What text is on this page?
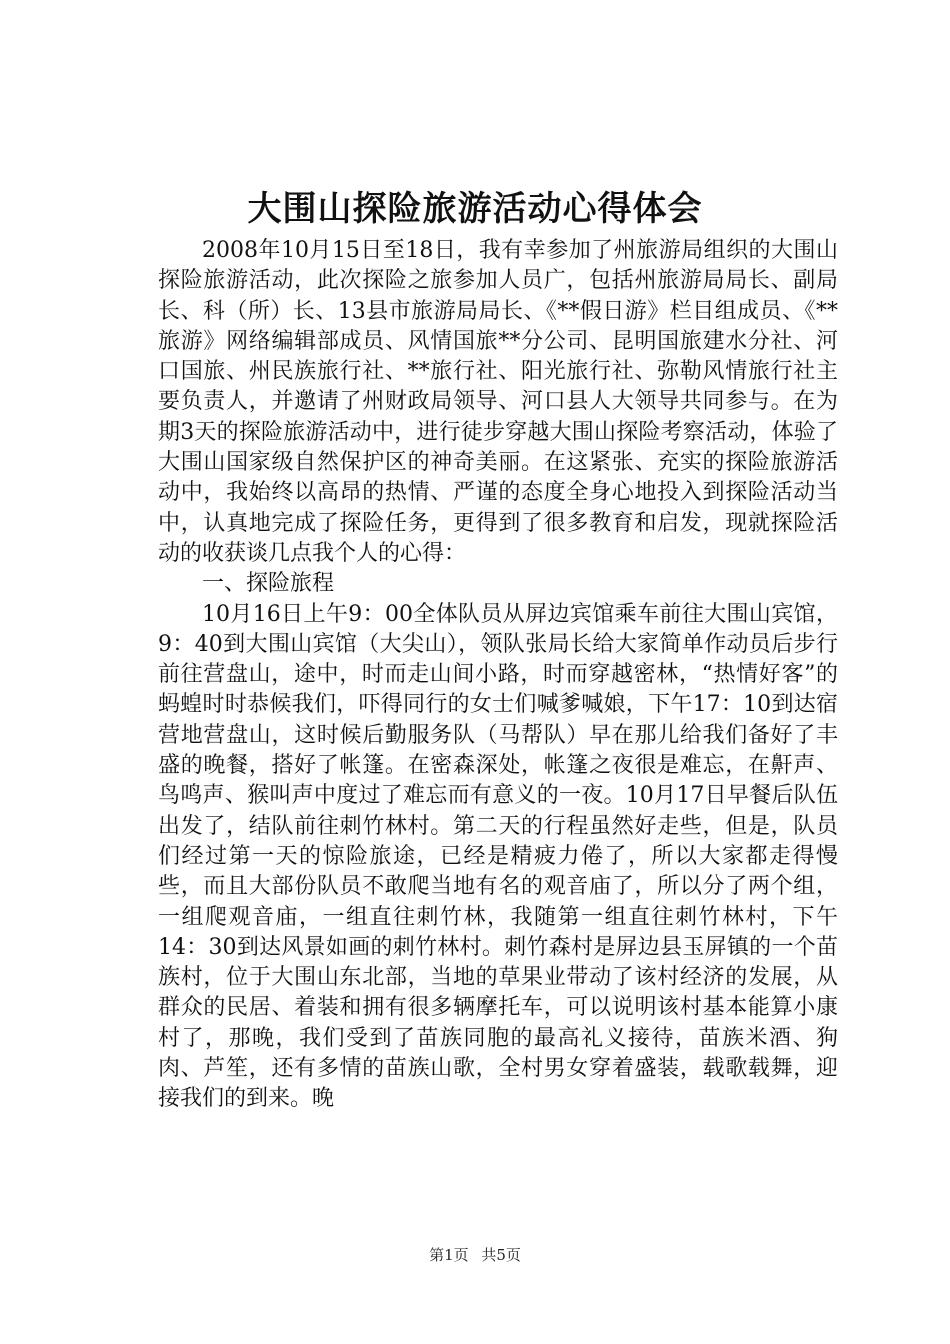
大围山探险旅游活动心得体会

2008年10月15日至18日，我有幸参加了州旅游局组织的大围山探险旅游活动，此次探险之旅参加人员广，包括州旅游局局长、副局长、科（所）长、13县市旅游局局长、《**假日游》栏目组成员、《**旅游》网络编辑部成员、风情国旅**分公司、昆明国旅建水分社、河口国旅、州民族旅行社、**旅行社、阳光旅行社、弥勒风情旅行社主要负责人，并邀请了州财政局领导、河口县人大领导共同参与。在为期3天的探险旅游活动中，进行徒步穿越大围山探险考察活动，体验了大围山国家级自然保护区的神奇美丽。在这紧张、充实的探险旅游活动中，我始终以高昂的热情、严谨的态度全身心地投入到探险活动当中，认真地完成了探险任务，更得到了很多教育和启发，现就探险活动的收获谈几点我个人的心得：

一、探险旅程

10月16日上午9：00全体队员从屏边宾馆乘车前往大围山宾馆，9：40到大围山宾馆（大尖山），领队张局长给大家简单作动员后步行前往营盘山，途中，时而走山间小路，时而穿越密林，“热情好客”的蚂蝗时时恭候我们，吓得同行的女士们喊爹喊娘，下午17：10到达宿营地营盘山，这时候后勤服务队（马帮队）早在那儿给我们备好了丰盛的晚餐，搭好了帐篷。在密森深处，帐篷之夜很是难忘，在鼾声、鸟鸣声、猴叫声中度过了难忘而有意义的一夜。10月17日早餐后队伍出发了，结队前往刺竹林村。第二天的行程虽然好走些，但是，队员们经过第一天的惊险旅途，已经是精疲力倦了，所以大家都走得慢些，而且大部份队员不敢爬当地有名的观音庙了，所以分了两个组，一组爬观音庙，一组直往刺竹林，我随第一组直往刺竹林村，下午14：30到达风景如画的刺竹林村。刺竹森村是屏边县玉屏镇的一个苗族村，位于大围山东北部，当地的草果业带动了该村经济的发展，从群众的民居、着装和拥有很多辆摩托车，可以说明该村基本能算小康村了，那晚，我们受到了苗族同胞的最高礼义接待，苗族米酒、狗肉、芦笙，还有多情的苗族山歌，全村男女穿着盛装，载歌载舞，迎接我们的到来。晚

第1页 共5页
